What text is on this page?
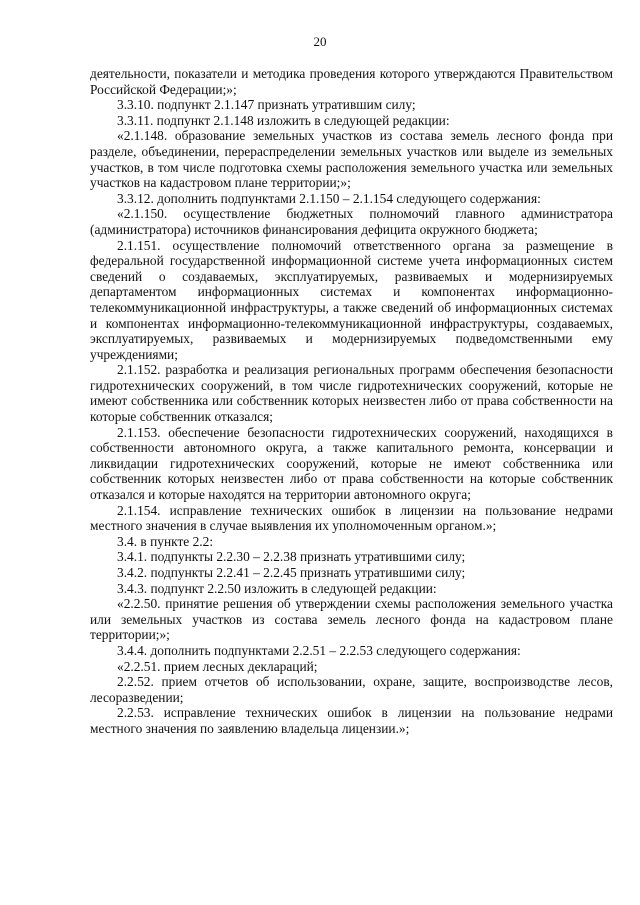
20

деятельности, показатели и методика проведения которого утверждаются Правительством Российской Федерации;»;

3.3.10. подпункт 2.1.147 признать утратившим силу;

3.3.11. подпункт 2.1.148 изложить в следующей редакции:

«2.1.148. образование земельных участков из состава земель лесного фонда при разделе, объединении, перераспределении земельных участков или выделе из земельных участков, в том числе подготовка схемы расположения земельного участка или земельных участков на кадастровом плане территории;»;

3.3.12. дополнить подпунктами 2.1.150 – 2.1.154 следующего содержания:

«2.1.150. осуществление бюджетных полномочий главного администратора (администратора) источников финансирования дефицита окружного бюджета;

2.1.151. осуществление полномочий ответственного органа за размещение в федеральной государственной информационной системе учета информационных систем сведений о создаваемых, эксплуатируемых, развиваемых и модернизируемых департаментом информационных системах и компонентах информационно-телекоммуникационной инфраструктуры, а также сведений об информационных системах и компонентах информационно-телекоммуникационной инфраструктуры, создаваемых, эксплуатируемых, развиваемых и модернизируемых подведомственными ему учреждениями;

2.1.152. разработка и реализация региональных программ обеспечения безопасности гидротехнических сооружений, в том числе гидротехнических сооружений, которые не имеют собственника или собственник которых неизвестен либо от права собственности на которые собственник отказался;

2.1.153. обеспечение безопасности гидротехнических сооружений, находящихся в собственности автономного округа, а также капитального ремонта, консервации и ликвидации гидротехнических сооружений, которые не имеют собственника или собственник которых неизвестен либо от права собственности на которые собственник отказался и которые находятся на территории автономного округа;

2.1.154. исправление технических ошибок в лицензии на пользование недрами местного значения в случае выявления их уполномоченным органом.»;

3.4. в пункте 2.2:

3.4.1. подпункты 2.2.30 – 2.2.38 признать утратившими силу;

3.4.2. подпункты 2.2.41 – 2.2.45 признать утратившими силу;

3.4.3. подпункт 2.2.50 изложить в следующей редакции:

«2.2.50. принятие решения об утверждении схемы расположения земельного участка или земельных участков из состава земель лесного фонда на кадастровом плане территории;»;

3.4.4. дополнить подпунктами 2.2.51 – 2.2.53 следующего содержания:

«2.2.51. прием лесных деклараций;

2.2.52. прием отчетов об использовании, охране, защите, воспроизводстве лесов, лесоразведении;

2.2.53. исправление технических ошибок в лицензии на пользование недрами местного значения по заявлению владельца лицензии.»;
